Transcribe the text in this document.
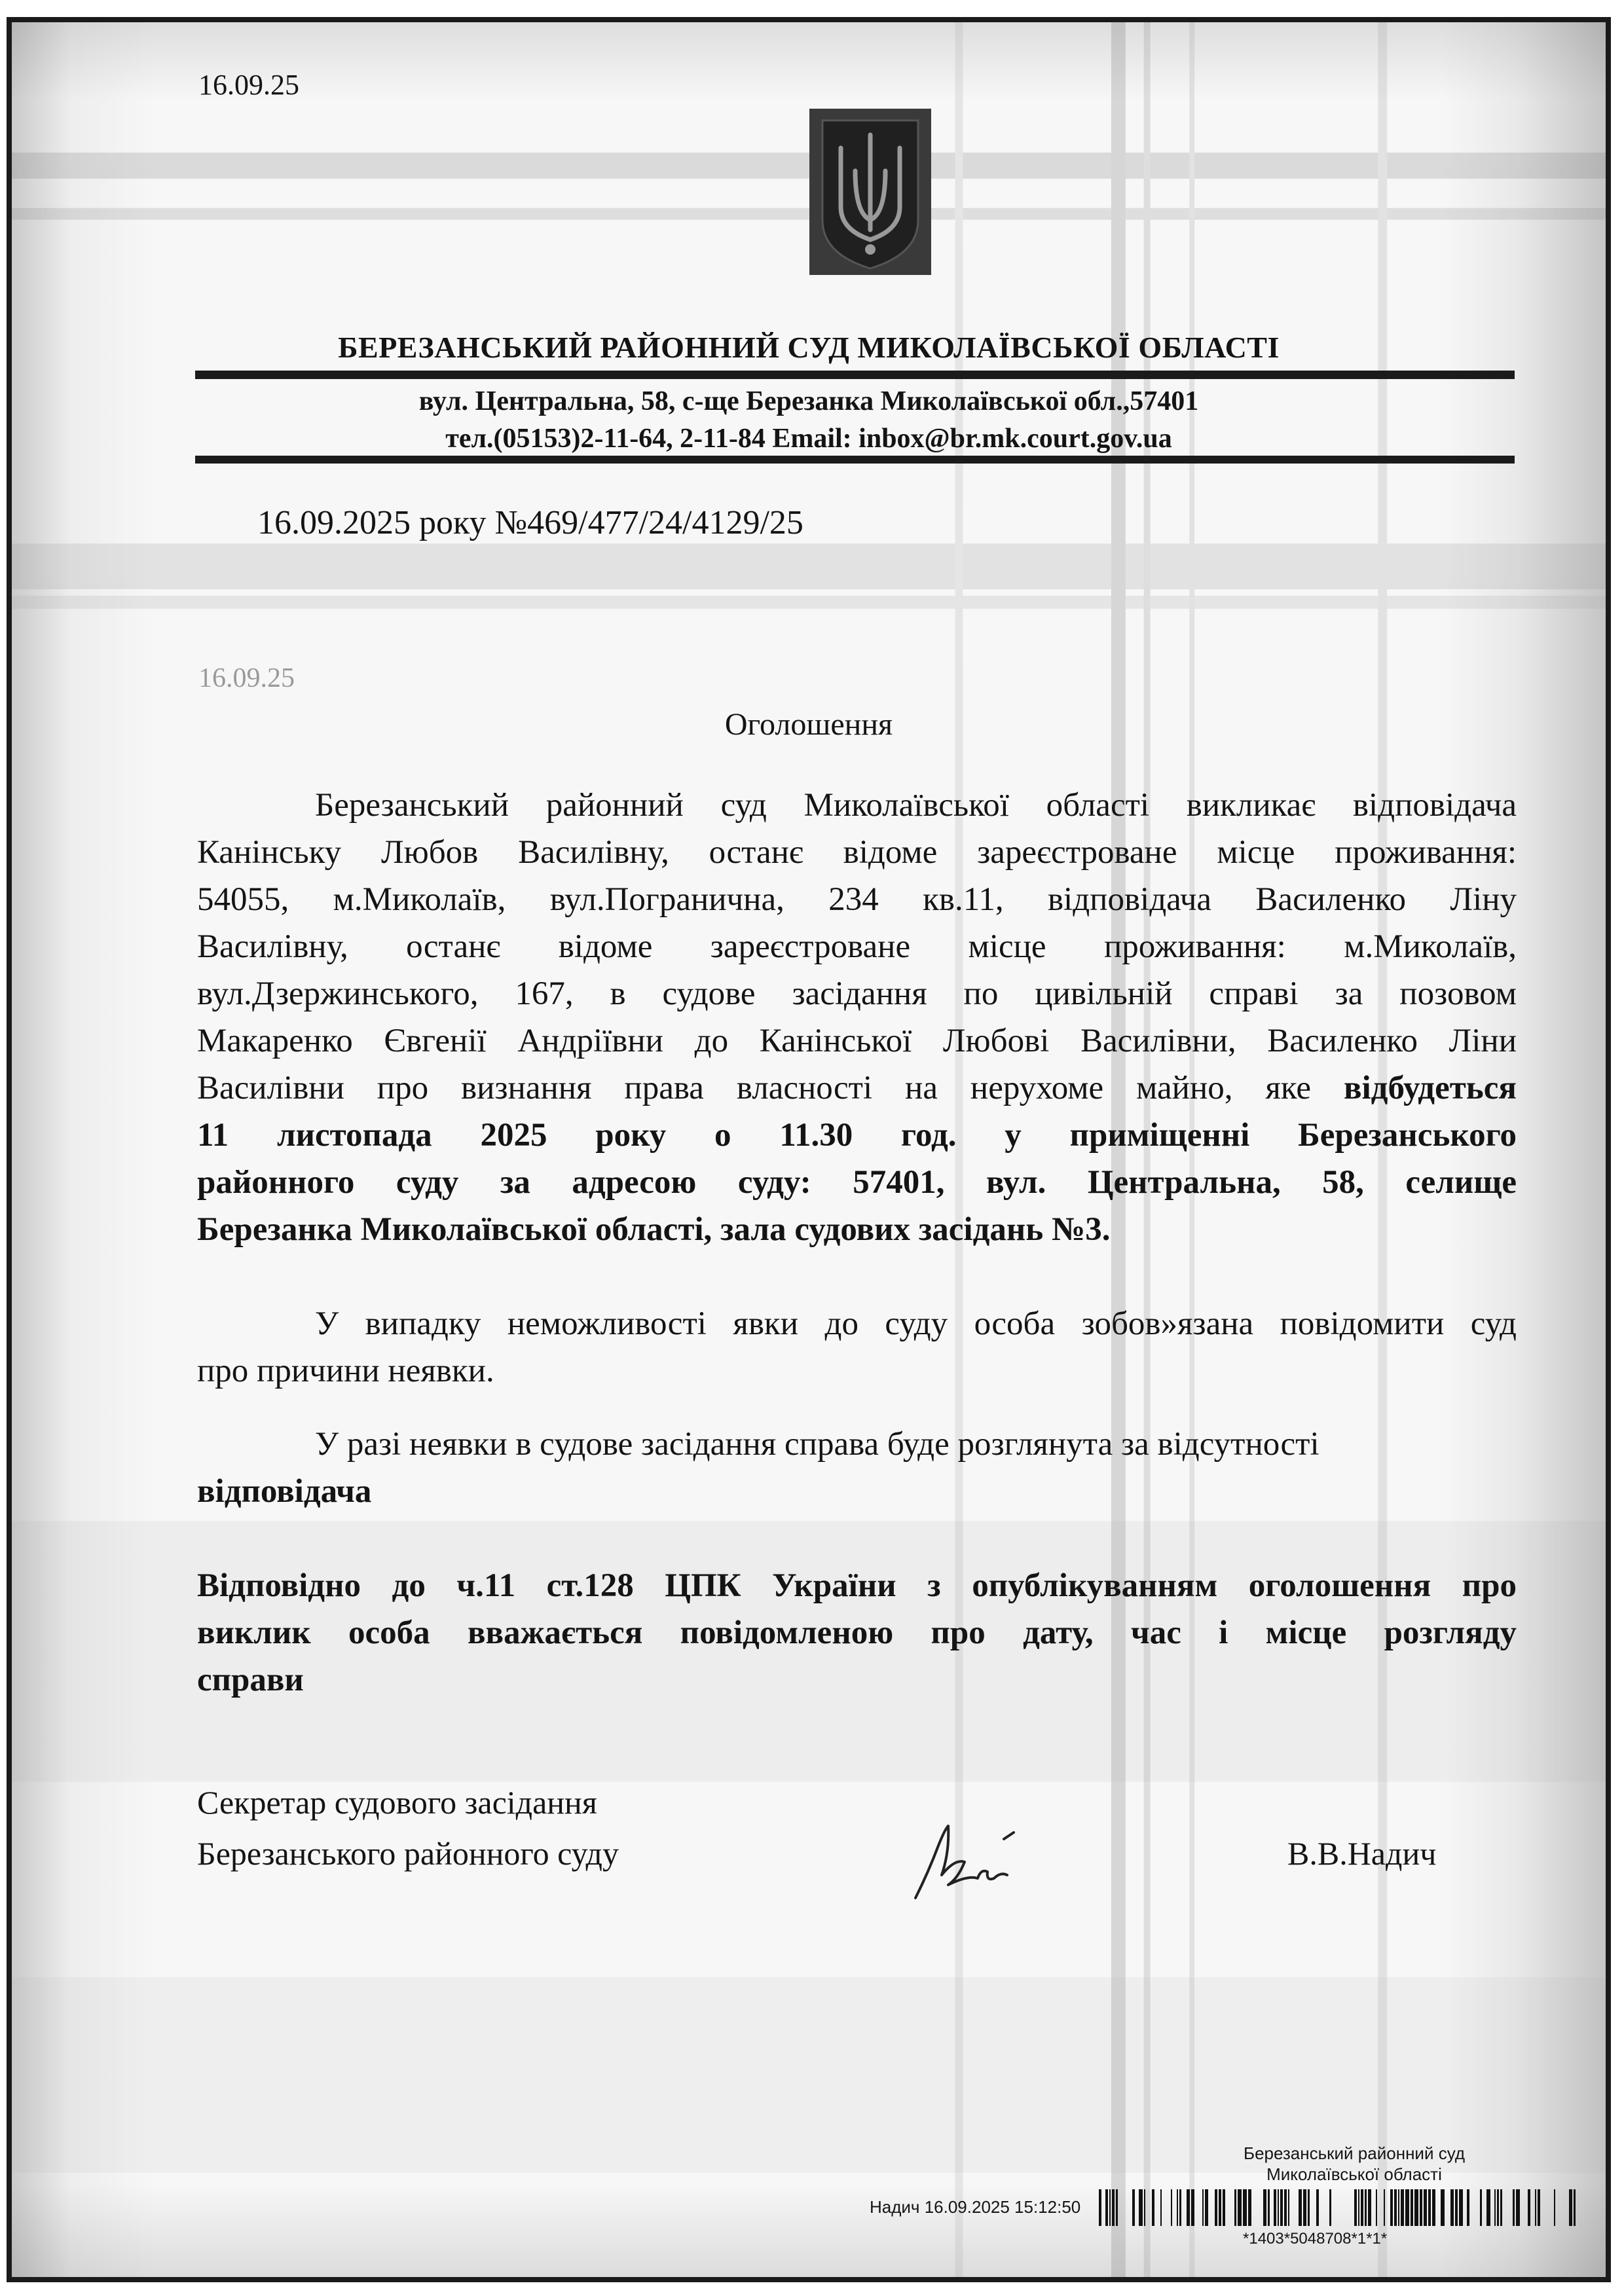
16.09.25
БЕРЕЗАНСЬКИЙ РАЙОННИЙ СУД МИКОЛАЇВСЬКОЇ ОБЛАСТІ
вул. Центральна, 58, с-ще Березанка Миколаївської обл.,57401
тел.(05153)2-11-64, 2-11-84 Email: inbox@br.mk.court.gov.ua
16.09.2025 року №469/477/24/4129/25
16.09.25
Оголошення

Березанський районний суд Миколаївської області викликає відповідача

Канінську Любов Василівну, останє відоме зареєстроване місце проживання:

54055, м.Миколаїв, вул.Погранична, 234 кв.11, відповідача Василенко Ліну

Василівну, останє відоме зареєстроване місце проживання: м.Миколаїв,

вул.Дзержинського, 167, в судове засідання по цивільній справі за позовом

Макаренко Євгенії Андріївни до Канінської Любові Василівни, Василенко Ліни

Василівни про визнання права власності на нерухоме майно, яке відбудеться

11 листопада 2025 року о 11.30 год. у приміщенні Березанського

районного суду за адресою суду: 57401, вул. Центральна, 58, селище

Березанка Миколаївської області, зала судових засідань №3.

У випадку неможливості явки до суду особа зобов»язана повідомити суд

про причини неявки.

У разі неявки в судове засідання справа буде розглянута за відсутності

відповідача

Відповідно до ч.11 ст.128 ЦПК України з опублікуванням оголошення про

виклик особа вважається повідомленою про дату, час і місце розгляду

справи

Секретар судового засідання
Березанського районного суду	В.В.Надич
Березанський районний суд
Миколаївської області
Надич 16.09.2025 15:12:50
*1403*5048708*1*1*
